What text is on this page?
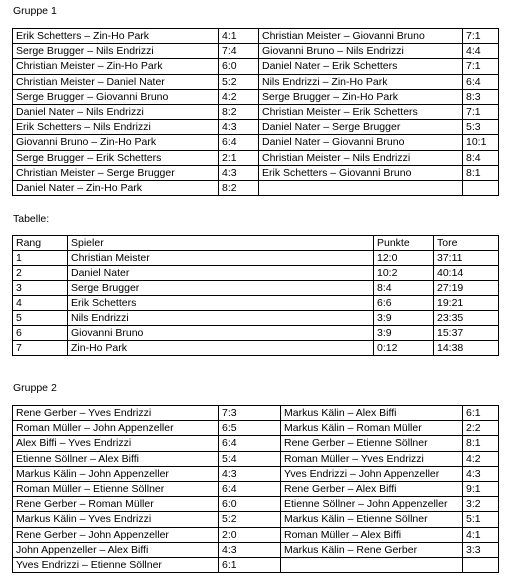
Gruppe 1
Erik Schetters – Zin-Ho Park	4:1	Christian Meister – Giovanni Bruno	7:1
Serge Brugger – Nils Endrizzi	7:4	Giovanni Bruno – Nils Endrizzi	4:4
Christian Meister – Zin-Ho Park	6:0	Daniel Nater – Erik Schetters	7:1
Christian Meister – Daniel Nater	5:2	Nils Endrizzi – Zin-Ho Park	6:4
Serge Brugger – Giovanni Bruno	4:2	Serge Brugger – Zin-Ho Park	8:3
Daniel Nater – Nils Endrizzi	8:2	Christian Meister – Erik Schetters	7:1
Erik Schetters – Nils Endrizzi	4:3	Daniel Nater – Serge Brugger	5:3
Giovanni Bruno – Zin-Ho Park	6:4	Daniel Nater – Giovanni Bruno	10:1
Serge Brugger – Erik Schetters	2:1	Christian Meister – Nils Endrizzi	8:4
Christian Meister – Serge Brugger	4:3	Erik Schetters – Giovanni Bruno	8:1
Daniel Nater – Zin-Ho Park	8:2		
Tabelle:
Rang	Spieler	Punkte	Tore
1	Christian Meister	12:0	37:11
2	Daniel Nater	10:2	40:14
3	Serge Brugger	8:4	27:19
4	Erik Schetters	6:6	19:21
5	Nils Endrizzi	3:9	23:35
6	Giovanni Bruno	3:9	15:37
7	Zin-Ho Park	0:12	14:38
Gruppe 2
Rene Gerber – Yves Endrizzi	7:3	Markus Kälin – Alex Biffi	6:1
Roman Müller – John Appenzeller	6:5	Markus Kälin – Roman Müller	2:2
Alex Biffi – Yves Endrizzi	6:4	Rene Gerber – Etienne Söllner	8:1
Etienne Söllner – Alex Biffi	5:4	Roman Müller – Yves Endrizzi	4:2
Markus Kälin – John Appenzeller	4:3	Yves Endrizzi – John Appenzeller	4:3
Roman Müller – Etienne Söllner	6:4	Rene Gerber – Alex Biffi	9:1
Rene Gerber – Roman Müller	6:0	Etienne Söllner – John Appenzeller	3:2
Markus Kälin – Yves Endrizzi	5:2	Markus Kälin – Etienne Söllner	5:1
Rene Gerber – John Appenzeller	2:0	Roman Müller – Alex Biffi	4:1
John Appenzeller – Alex Biffi	4:3	Markus Kälin – Rene Gerber	3:3
Yves Endrizzi – Etienne Söllner	6:1		
